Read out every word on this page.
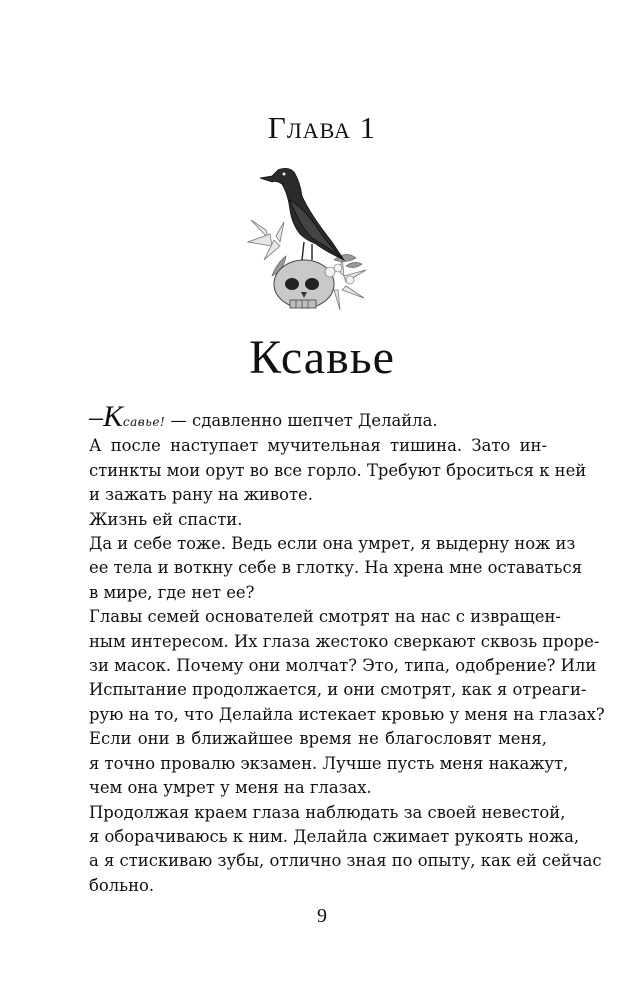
Глава 1
Ксавье
–Ксавье! — сдавленно шепчет Делайла.
А после наступает мучительная тишина. Зато ин-
стинкты мои орут во все горло. Требуют броситься к ней
и зажать рану на животе.
Жизнь ей спасти.
Да и себе тоже. Ведь если она умрет, я выдерну нож из
ее тела и воткну себе в глотку. На хрена мне оставаться
в мире, где нет ее?
Главы семей основателей смотрят на нас с извращен-
ным интересом. Их глаза жестоко сверкают сквозь проре-
зи масок. Почему они молчат? Это, типа, одобрение? Или
Испытание продолжается, и они смотрят, как я отреаги-
рую на то, что Делайла истекает кровью у меня на глазах?
Если они в ближайшее время не благословят меня,
я точно провалю экзамен. Лучше пусть меня накажут,
чем она умрет у меня на глазах.
Продолжая краем глаза наблюдать за своей невестой,
я оборачиваюсь к ним. Делайла сжимает рукоять ножа,
а я стискиваю зубы, отлично зная по опыту, как ей сейчас
больно.
9
